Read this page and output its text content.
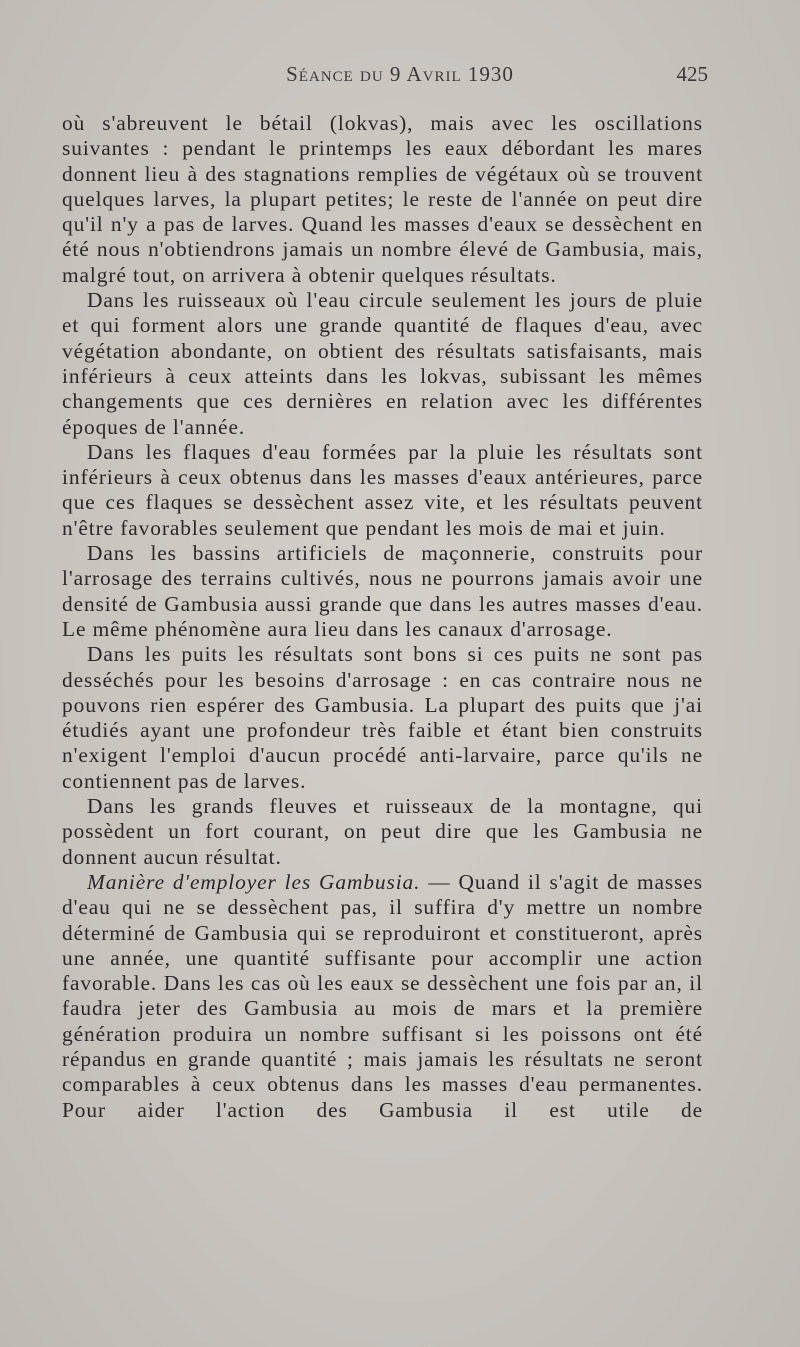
Séance du 9 Avril 1930	425

où s'abreuvent le bétail (lokvas), mais avec les oscillations suivantes : pendant le printemps les eaux débordant les mares donnent lieu à des stagnations remplies de végétaux où se trouvent quelques larves, la plupart petites; le reste de l'année on peut dire qu'il n'y a pas de larves. Quand les masses d'eaux se dessèchent en été nous n'obtiendrons jamais un nombre élevé de Gambusia, mais, malgré tout, on arrivera à obtenir quelques résultats.

Dans les ruisseaux où l'eau circule seulement les jours de pluie et qui forment alors une grande quantité de flaques d'eau, avec végétation abondante, on obtient des résultats satisfaisants, mais inférieurs à ceux atteints dans les lokvas, subissant les mêmes changements que ces dernières en relation avec les différentes époques de l'année.

Dans les flaques d'eau formées par la pluie les résultats sont inférieurs à ceux obtenus dans les masses d'eaux antérieures, parce que ces flaques se dessèchent assez vite, et les résultats peuvent n'être favorables seulement que pendant les mois de mai et juin.

Dans les bassins artificiels de maçonnerie, construits pour l'arrosage des terrains cultivés, nous ne pourrons jamais avoir une densité de Gambusia aussi grande que dans les autres masses d'eau. Le même phénomène aura lieu dans les canaux d'arrosage.

Dans les puits les résultats sont bons si ces puits ne sont pas desséchés pour les besoins d'arrosage : en cas contraire nous ne pouvons rien espérer des Gambusia. La plupart des puits que j'ai étudiés ayant une profondeur très faible et étant bien construits n'exigent l'emploi d'aucun procédé anti-larvaire, parce qu'ils ne contiennent pas de larves.

Dans les grands fleuves et ruisseaux de la montagne, qui possèdent un fort courant, on peut dire que les Gambusia ne donnent aucun résultat.

Manière d'employer les Gambusia. — Quand il s'agit de masses d'eau qui ne se dessèchent pas, il suffira d'y mettre un nombre déterminé de Gambusia qui se reproduiront et constitueront, après une année, une quantité suffisante pour accomplir une action favorable. Dans les cas où les eaux se dessèchent une fois par an, il faudra jeter des Gambusia au mois de mars et la première génération produira un nombre suffisant si les poissons ont été répandus en grande quantité ; mais jamais les résultats ne seront comparables à ceux obtenus dans les masses d'eau permanentes. Pour aider l'action des Gambusia il est utile de
